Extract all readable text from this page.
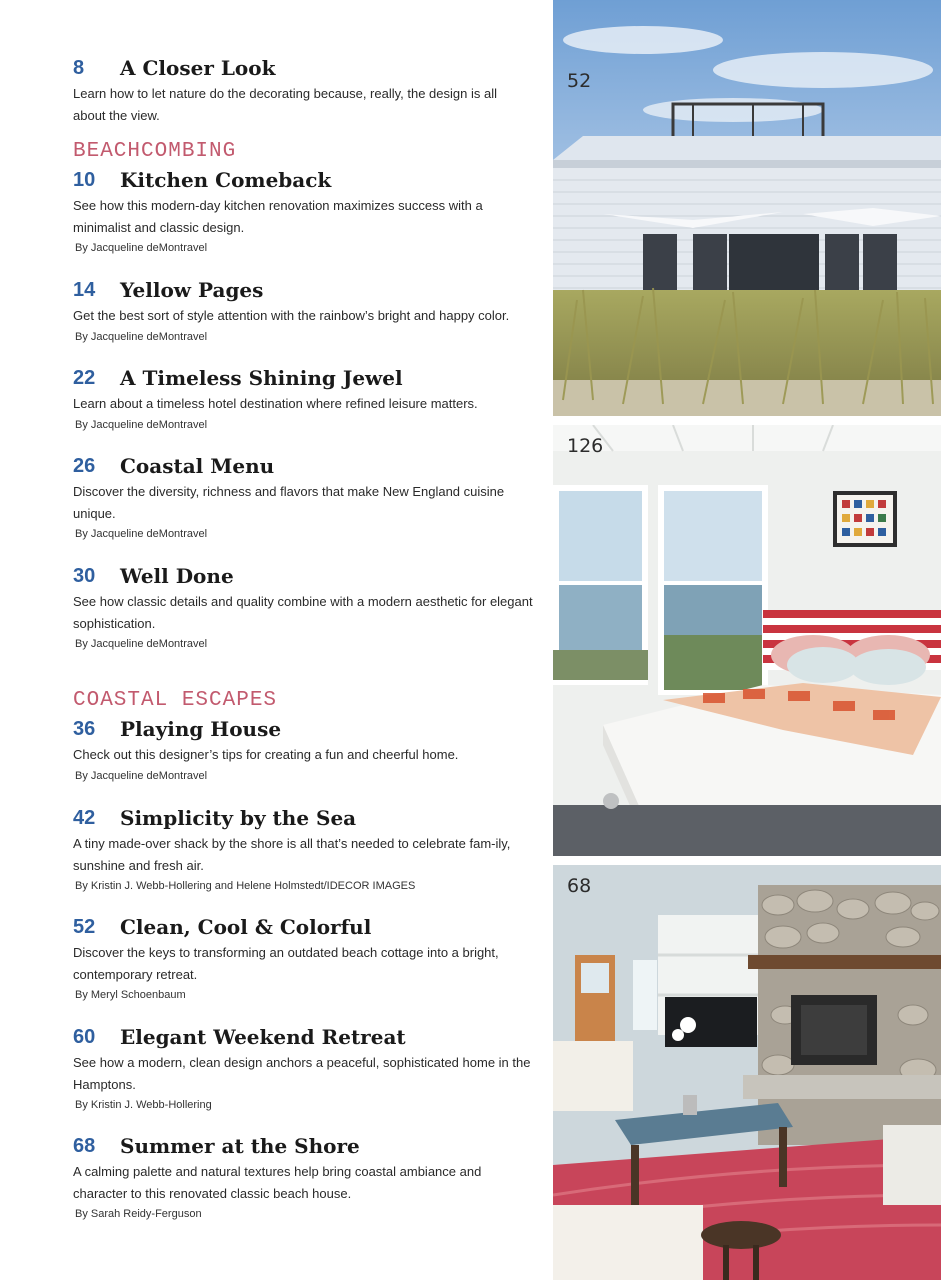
8 A Closer Look
Learn how to let nature do the decorating because, really, the design is all about the view.
BEACHCOMBING
10 Kitchen Comeback
See how this modern-day kitchen renovation maximizes success with a minimalist and classic design.
By Jacqueline deMontravel
14 Yellow Pages
Get the best sort of style attention with the rainbow’s bright and happy color.
By Jacqueline deMontravel
22 A Timeless Shining Jewel
Learn about a timeless hotel destination where refined leisure matters.
By Jacqueline deMontravel
26 Coastal Menu
Discover the diversity, richness and flavors that make New England cuisine unique.
By Jacqueline deMontravel
30 Well Done
See how classic details and quality combine with a modern aesthetic for elegant sophistication.
By Jacqueline deMontravel
COASTAL ESCAPES
36 Playing House
Check out this designer’s tips for creating a fun and cheerful home.
By Jacqueline deMontravel
42 Simplicity by the Sea
A tiny made-over shack by the shore is all that’s needed to celebrate fam-ily, sunshine and fresh air.
By Kristin J. Webb-Hollering and Helene Holmstedt/IDECOR IMAGES
52 Clean, Cool & Colorful
Discover the keys to transforming an outdated beach cottage into a bright, contemporary retreat.
By Meryl Schoenbaum
60 Elegant Weekend Retreat
See how a modern, clean design anchors a peaceful, sophisticated home in the Hamptons.
By Kristin J. Webb-Hollering
68 Summer at the Shore
A calming palette and natural textures help bring coastal ambiance and character to this renovated classic beach house.
By Sarah Reidy-Ferguson
52
126
68
